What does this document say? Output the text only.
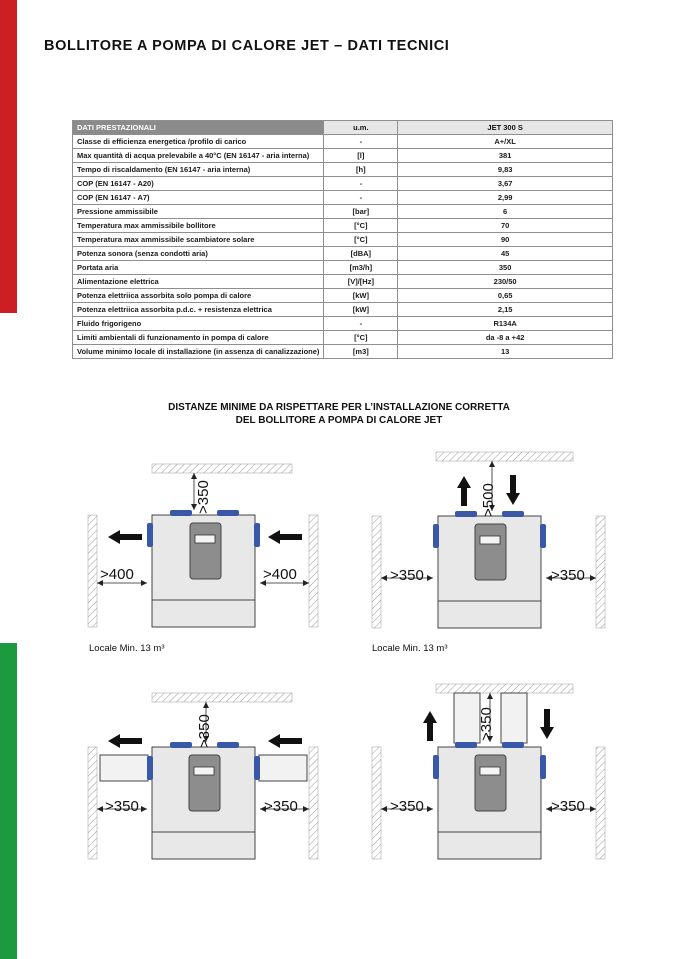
BOLLITORE A POMPA DI CALORE JET – DATI TECNICI
DATI PRESTAZIONALI	u.m.	JET 300 S
Classe di efficienza energetica /profilo di carico	-	A+/XL
Max quantità di acqua prelevabile a 40°C (EN 16147 - aria interna)	[l]	381
Tempo di riscaldamento (EN 16147 - aria interna)	[h]	9,83
COP (EN 16147 - A20)	-	3,67
COP (EN 16147 - A7)	-	2,99
Pressione ammissibile	[bar]	6
Temperatura max ammissibile bollitore	[°C]	70
Temperatura max ammissibile scambiatore solare	[°C]	90
Potenza sonora (senza condotti aria)	[dBA]	45
Portata aria	[m3/h]	350
Alimentazione elettrica	[V]/[Hz]	230/50
Potenza elettriica assorbita solo pompa di calore	[kW]	0,65
Potenza elettriica assorbita p.d.c. + resistenza elettrica	[kW]	2,15
Fluido frigorigeno	-	R134A
Limiti ambientali di funzionamento in pompa di calore	[°C]	da -8 a +42
Volume minimo locale di installazione (in assenza di canalizzazione)	[m3]	13
DISTANZE MINIME DA RISPETTARE PER L’INSTALLAZIONE CORRETTA
DEL BOLLITORE A POMPA DI CALORE JET
>350
>400	>400
Locale Min. 13 m³
>500
>350	>350
Locale Min. 13 m³
>350
>350	>350
>350
>350	>350
